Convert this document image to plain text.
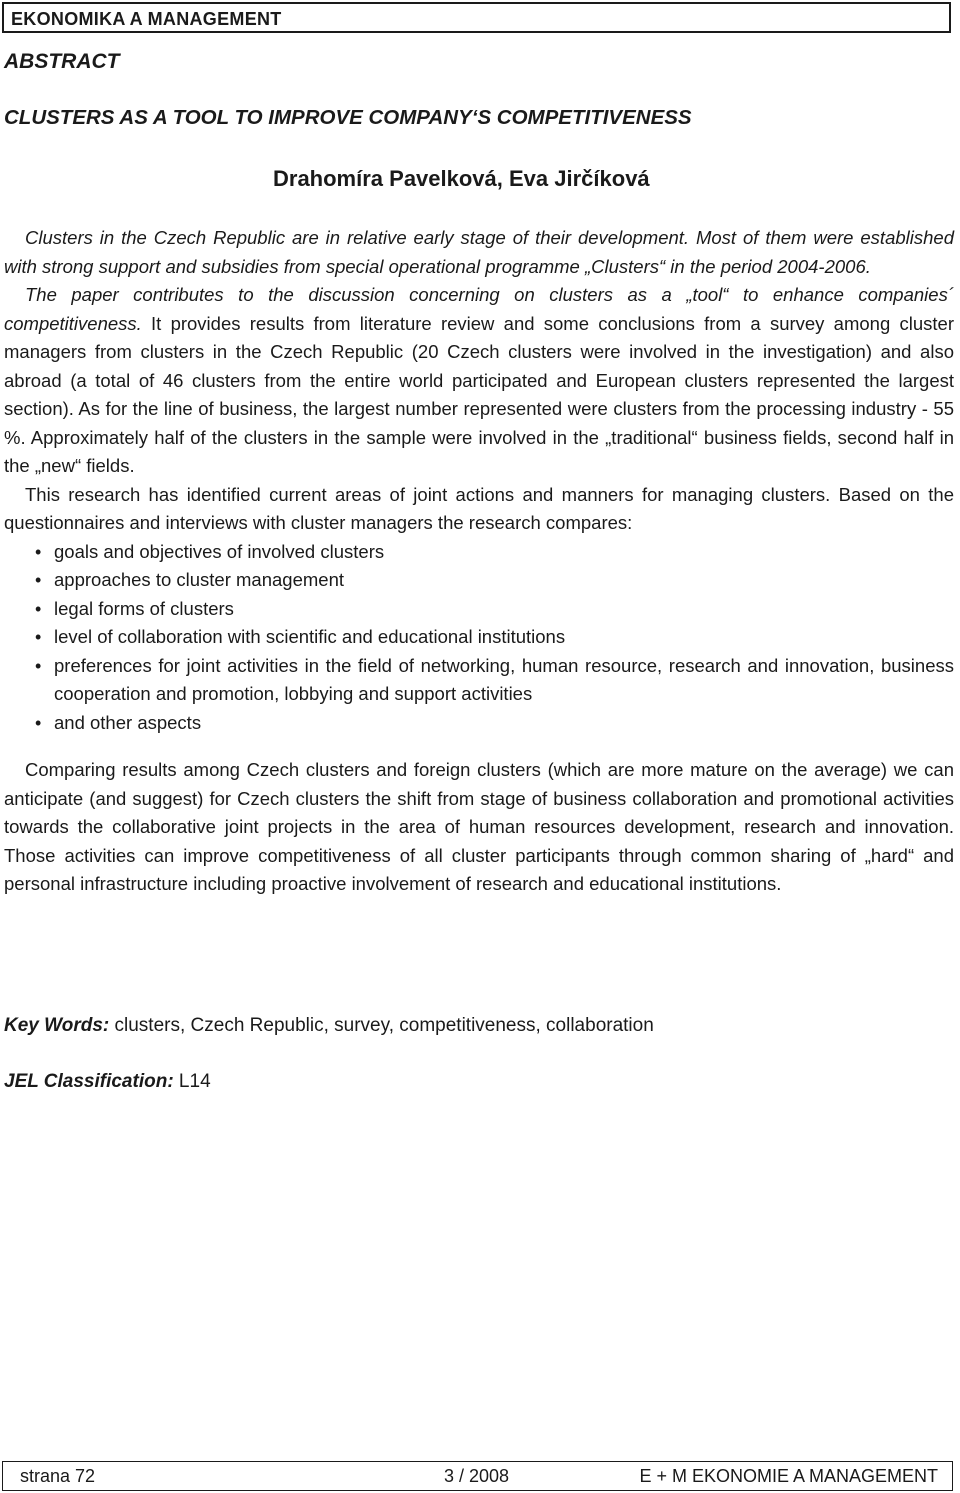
EKONOMIKA A MANAGEMENT
ABSTRACT
CLUSTERS AS A TOOL TO IMPROVE COMPANY‘S COMPETITIVENESS
Drahomíra Pavelková, Eva Jirčíková

Clusters in the Czech Republic are in relative early stage of their development. Most of them were established with strong support and subsidies from special operational programme „Clusters“ in the period 2004-2006.

The paper contributes to the discussion concerning on clusters as a „tool“ to enhance companies´ competitiveness. It provides results from literature review and some conclusions from a survey among cluster managers from clusters in the Czech Republic (20 Czech clusters were involved in the investigation) and also abroad (a total of 46 clusters from the entire world participated and European clusters represented the largest section). As for the line of business, the largest number represented were clusters from the processing industry - 55 %. Approximately half of the clusters in the sample were involved in the „traditional“ business fields, second half in the „new“ fields.

This research has identified current areas of joint actions and manners for managing clusters. Based on the questionnaires and interviews with cluster managers the research compares:

• goals and objectives of involved clusters
• approaches to cluster management
• legal forms of clusters
• level of collaboration with scientific and educational institutions
• preferences for joint activities in the field of networking, human resource, research and innovation, business cooperation and promotion, lobbying and support activities
• and other aspects

Comparing results among Czech clusters and foreign clusters (which are more mature on the average) we can anticipate (and suggest) for Czech clusters the shift from stage of business collaboration and promotional activities towards the collaborative joint projects in the area of human resources development, research and innovation. Those activities can improve competitiveness of all cluster participants through common sharing of „hard“ and personal infrastructure including proactive involvement of research and educational institutions.

Key Words: clusters, Czech Republic, survey, competitiveness, collaboration
JEL Classification: L14
strana 72	3 / 2008	E + M EKONOMIE A MANAGEMENT
